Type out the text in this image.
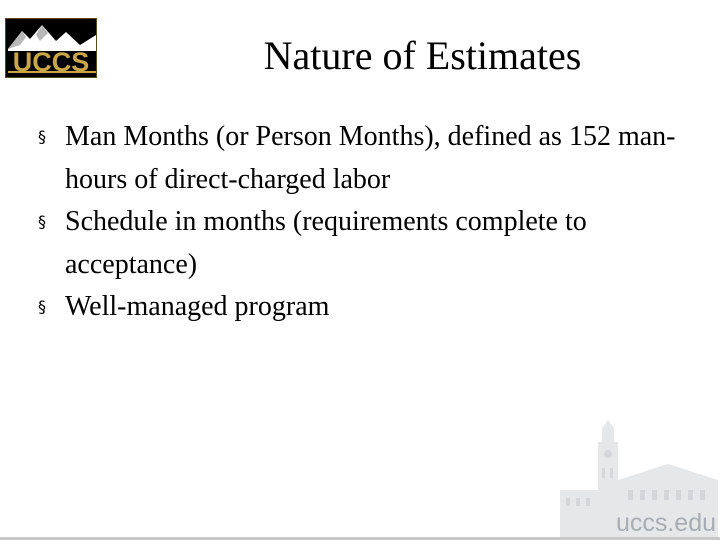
UCCS	Nature of Estimates
§ Man Months (or Person Months), defined as 152 man-hours of direct-charged labor
§ Schedule in months (requirements complete to acceptance)
§ Well-managed program
uccs.edu
